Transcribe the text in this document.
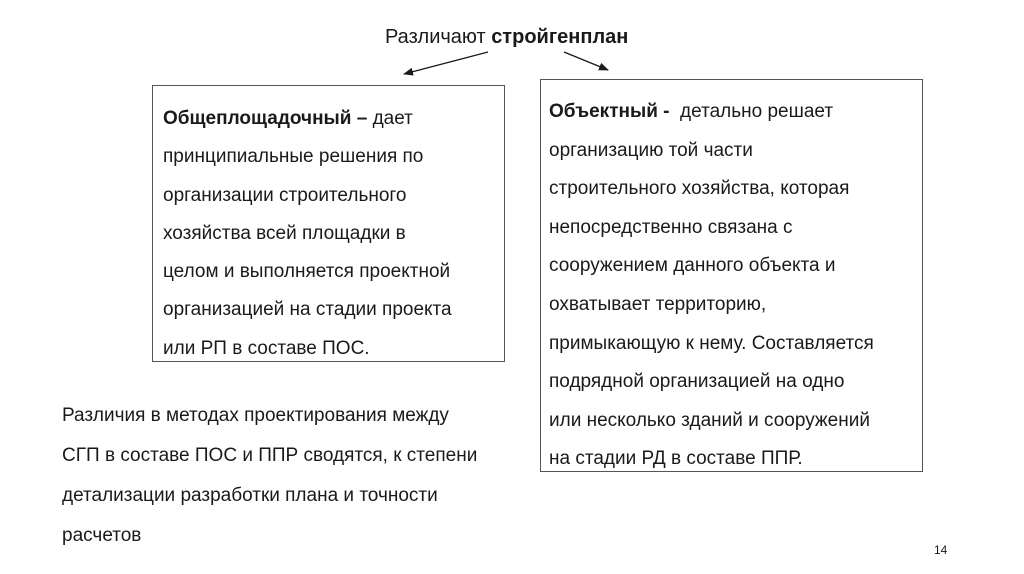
Различают стройгенплан
Общеплощадочный – дает
принципиальные решения по
организации строительного
хозяйства всей площадки в
целом и выполняется проектной
организацией на стадии проекта
или РП в составе ПОС.
Объектный -  детально решает
организацию той части
строительного хозяйства, которая
непосредственно связана с
сооружением данного объекта и
охватывает территорию,
примыкающую к нему. Составляется
подрядной организацией на одно
или несколько зданий и сооружений
на стадии РД в составе ППР.
Различия в методах проектирования между
СГП в составе ПОС и ППР сводятся, к степени
детализации разработки плана и точности
расчетов
14
